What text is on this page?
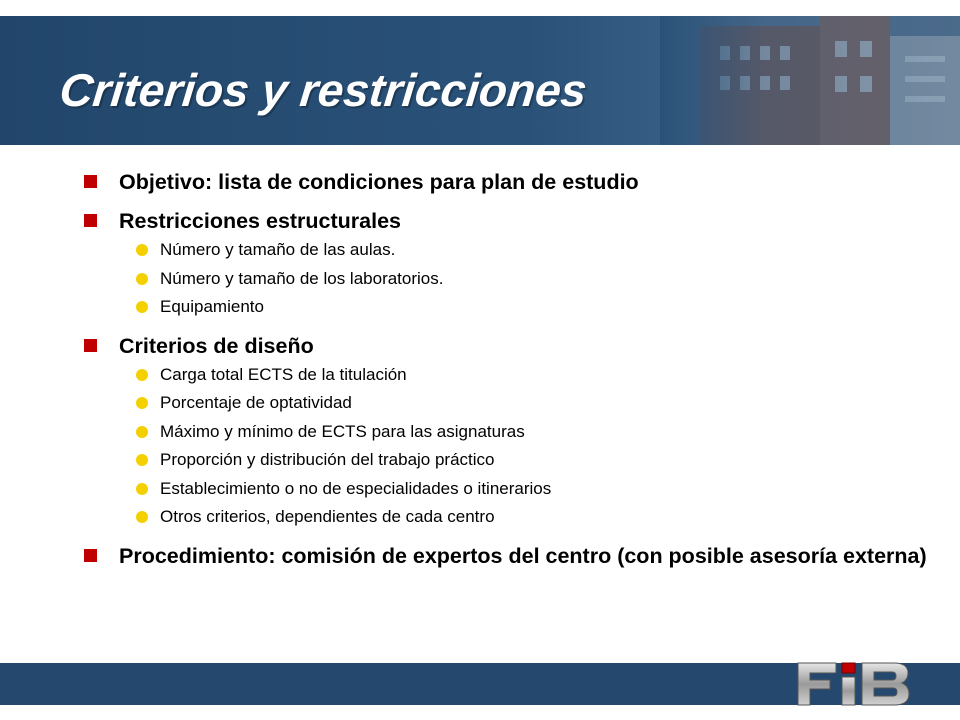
Criterios y restricciones
Objetivo: lista de condiciones para plan de estudio
Restricciones estructurales
Número y tamaño de las aulas.
Número y tamaño de los laboratorios.
Equipamiento
Criterios de diseño
Carga total ECTS de la titulación
Porcentaje de optatividad
Máximo y mínimo de ECTS para las asignaturas
Proporción y distribución del trabajo práctico
Establecimiento o no de especialidades o itinerarios
Otros criterios, dependientes de cada centro
Procedimiento: comisión de expertos del centro (con posible asesoría externa)
